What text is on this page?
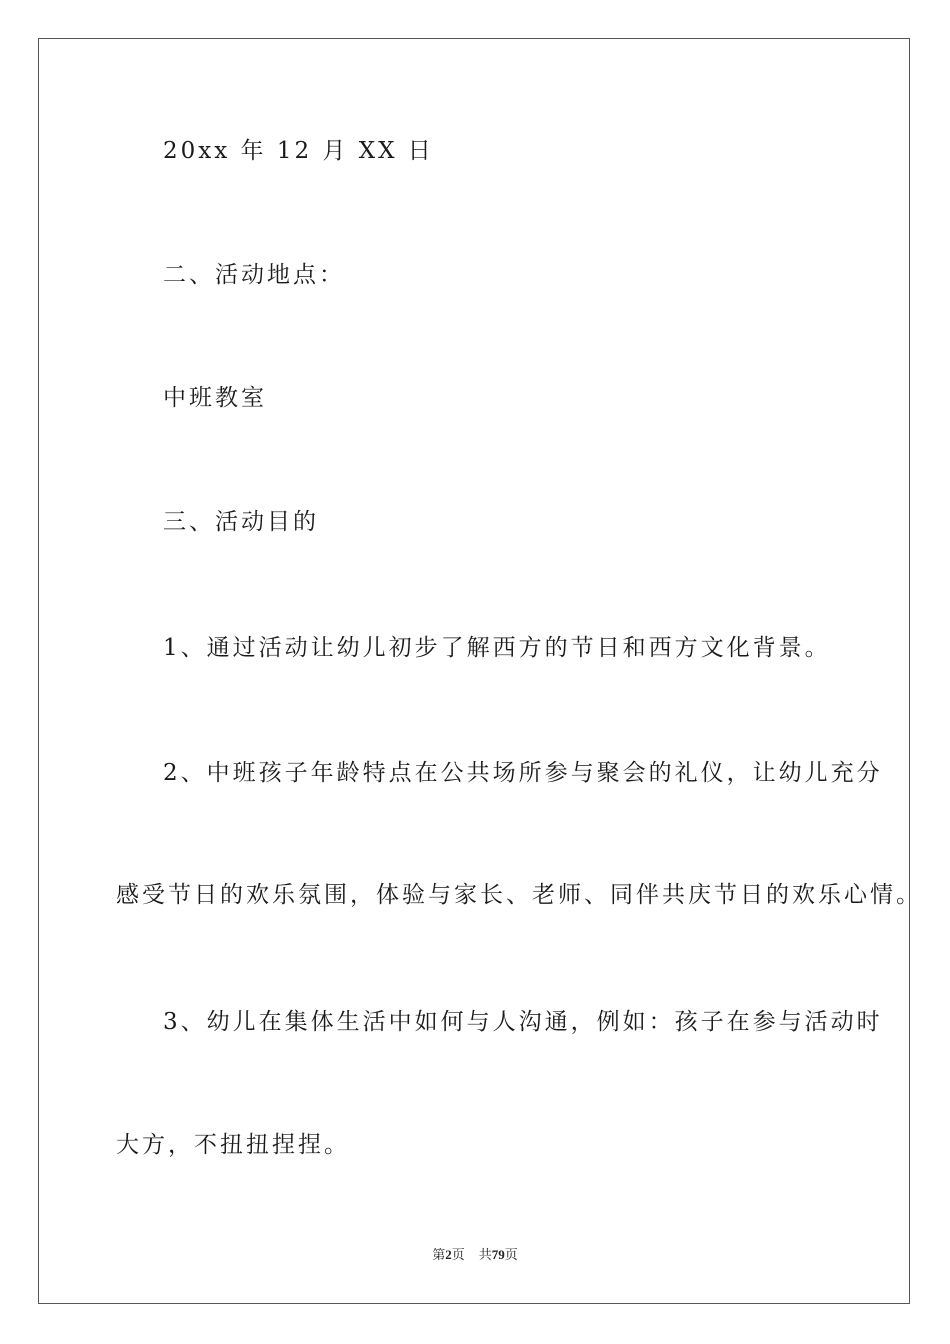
20xx 年 12 月 XX 日
二、活动地点：
中班教室
三、活动目的
1、通过活动让幼儿初步了解西方的节日和西方文化背景。
2、中班孩子年龄特点在公共场所参与聚会的礼仪，让幼儿充分
感受节日的欢乐氛围，体验与家长、老师、同伴共庆节日的欢乐心情。
3、幼儿在集体生活中如何与人沟通，例如：孩子在参与活动时
大方，不扭扭捏捏。
第2页 共79页
